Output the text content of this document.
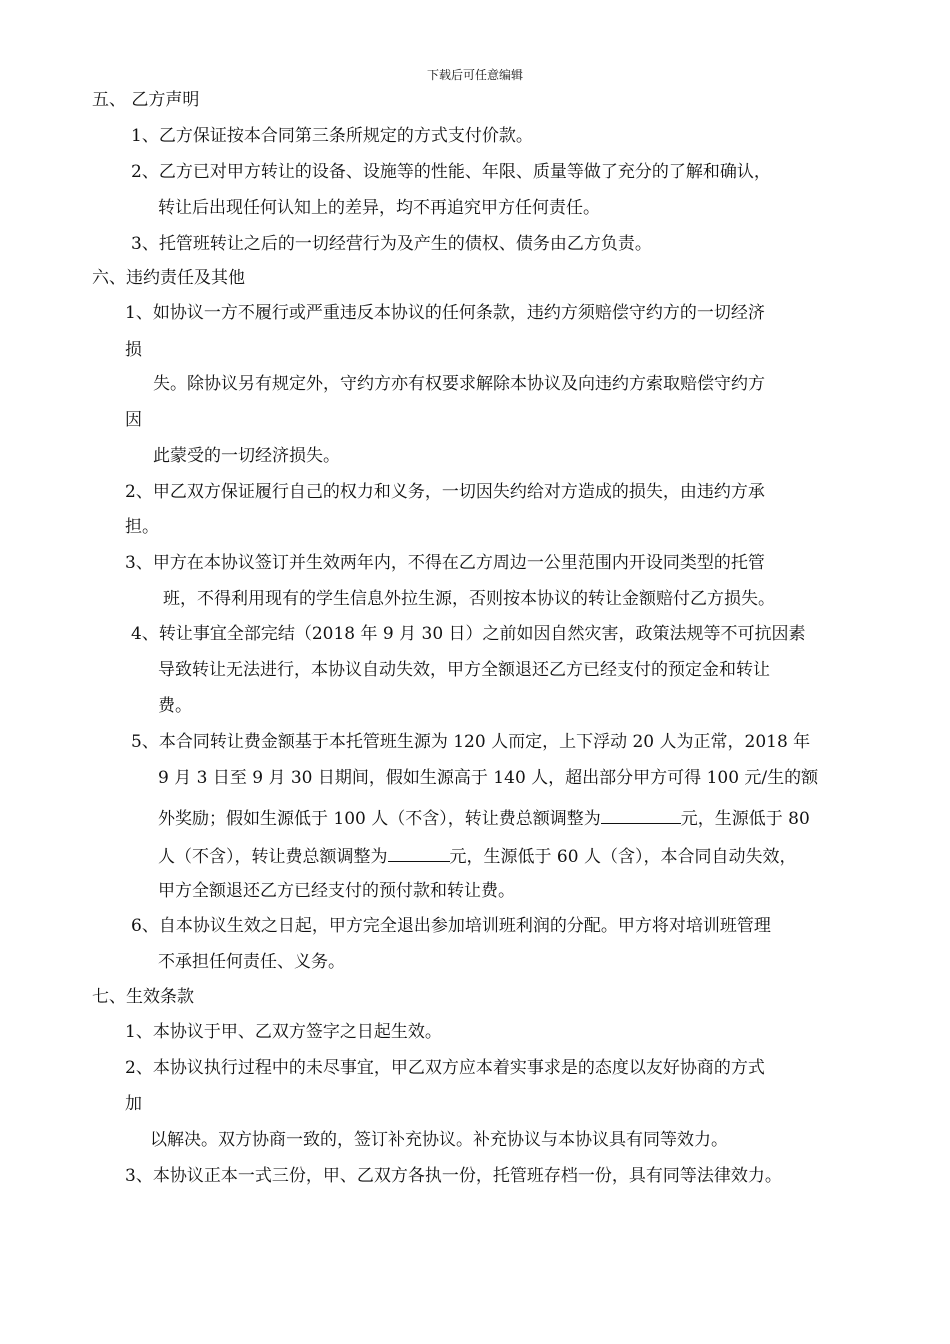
下载后可任意编辑
五、 乙方声明
1、乙方保证按本合同第三条所规定的方式支付价款。
2、乙方已对甲方转让的设备、设施等的性能、年限、质量等做了充分的了解和确认，
转让后出现任何认知上的差异，均不再追究甲方任何责任。
3、托管班转让之后的一切经营行为及产生的债权、债务由乙方负责。
六、违约责任及其他
1、如协议一方不履行或严重违反本协议的任何条款，违约方须赔偿守约方的一切经济
损
失。除协议另有规定外，守约方亦有权要求解除本协议及向违约方索取赔偿守约方
因
此蒙受的一切经济损失。
2、甲乙双方保证履行自己的权力和义务，一切因失约给对方造成的损失，由违约方承
担。
3、甲方在本协议签订并生效两年内，不得在乙方周边一公里范围内开设同类型的托管
班，不得利用现有的学生信息外拉生源，否则按本协议的转让金额赔付乙方损失。
4、转让事宜全部完结（2018 年 9 月 30 日）之前如因自然灾害，政策法规等不可抗因素
导致转让无法进行，本协议自动失效，甲方全额退还乙方已经支付的预定金和转让
费。
5、本合同转让费金额基于本托管班生源为 120 人而定，上下浮动 20 人为正常，2018 年
9 月 3 日至 9 月 30 日期间，假如生源高于 140 人，超出部分甲方可得 100 元/生的额
外奖励；假如生源低于 100 人（不含），转让费总额调整为	元，生源低于 80
人（不含），转让费总额调整为	元，生源低于 60 人（含），本合同自动失效，
甲方全额退还乙方已经支付的预付款和转让费。
6、自本协议生效之日起，甲方完全退出参加培训班利润的分配。甲方将对培训班管理
不承担任何责任、义务。
七、生效条款
1、本协议于甲、乙双方签字之日起生效。
2、本协议执行过程中的未尽事宜，甲乙双方应本着实事求是的态度以友好协商的方式
加
以解决。双方协商一致的，签订补充协议。补充协议与本协议具有同等效力。
3、本协议正本一式三份，甲、乙双方各执一份，托管班存档一份，具有同等法律效力。
